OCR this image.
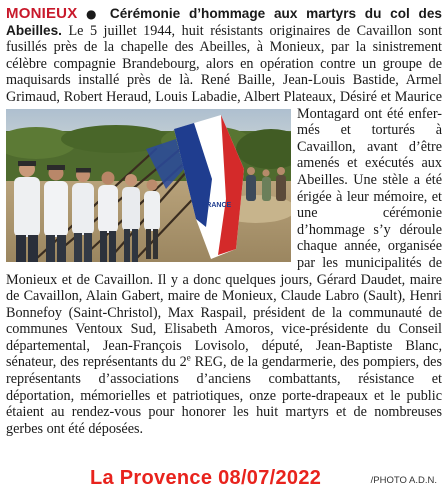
MONIEUX ● Cérémonie d’hommage aux martyrs du col des Abeilles. Le 5 juillet 1944, huit résistants originaires de Cavaillon sont fusillés près de la chapelle des Abeilles, à Monieux, par la sinistrement célèbre compagnie Brandebourg, alors en opération contre un groupe de maquisards installé près de là. René Baille, Jean-Louis Bastide, Armel Grimaud, Robert Heraud, Louis Labadie, Albert Plateaux, Désiré et Maurice Montagard ont été enfer-
FRANCE
més et torturés à Cavaillon, avant d’être amenés et exécutés aux Abeilles. Une stèle a été érigée à leur mémoire, et une cérémonie d’hommage s’y déroule chaque année, organisée par les municipalités de Monieux et de Cavaillon. Il y a donc quelques jours, Gérard Daudet, maire de Cavaillon, Alain Gabert, maire de Monieux, Claude Labro (Sault), Henri Bonnefoy (Saint-Christol), Max Raspail, président de la communauté de communes Ventoux Sud, Elisabeth Amoros, vice-présidente du Conseil départemental, Jean-François Lovisolo, député, Jean-Baptiste Blanc, sénateur, des représentants du 2e REG, de la gendarmerie, des pompiers, des représentants d’associations d’anciens combattants, résistance et déportation, mémorielles et patriotiques, onze porte-drapeaux et le public étaient au rendez-vous pour honorer les huit martyrs et de nombreuses gerbes ont été déposées.
La Provence 08/07/2022	/PHOTO A.D.N.
